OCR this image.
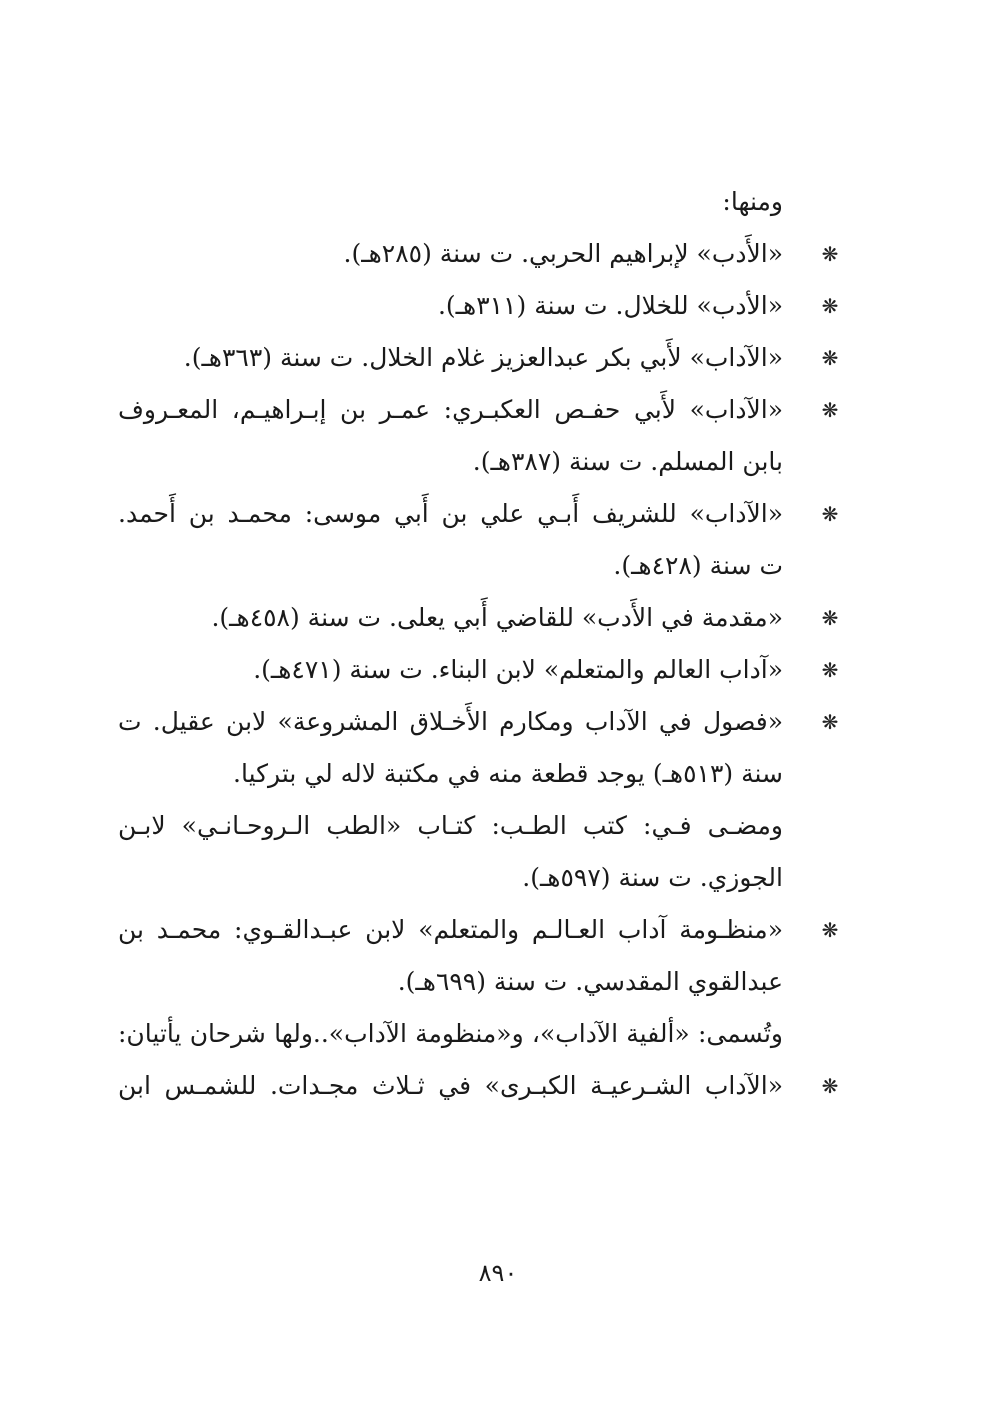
ومنها:
«الأَدب» لإبراهيم الحربي. ت سنة (٢٨٥هـ).
«الأدب» للخلال. ت سنة (٣١١هـ).
«الآداب» لأَبي بكر عبدالعزيز غلام الخلال. ت سنة (٣٦٣هـ).
«الآداب» لأَبي حفـص العكبـري: عمـر بن إبـراهيـم، المعـروف
بابن المسلم. ت سنة (٣٨٧هـ).
«الآداب» للشريف أَبـي علي بن أَبي موسى: محمـد بن أَحمد.
ت سنة (٤٢٨هـ).
«مقدمة في الأَدب» للقاضي أَبي يعلى. ت سنة (٤٥٨هـ).
«آداب العالم والمتعلم» لابن البناء. ت سنة (٤٧١هـ).
«فصول في الآداب ومكارم الأَخـلاق المشروعة» لابن عقيل. ت
سنة (٥١٣هـ) يوجد قطعة منه في مكتبة لاله لي بتركيا.
ومضـى فـي: كتب الطـب: كتـاب «الطب الـروحـانـي» لابـن
الجوزي. ت سنة (٥٩٧هـ).
«منظـومة آداب العـالـم والمتعلم» لابن عبـدالقـوي: محمـد بن
عبدالقوي المقدسي. ت سنة (٦٩٩هـ).
وتُسمى: «ألفية الآداب»، و«منظومة الآداب»..ولها شرحان يأتيان:
«الآداب الشـرعيـة الكبـرى» في ثـلاث مجـدات. للشمـس ابن
❋
❋
❋
❋
❋
❋
❋
❋
❋
❋
٨٩٠
